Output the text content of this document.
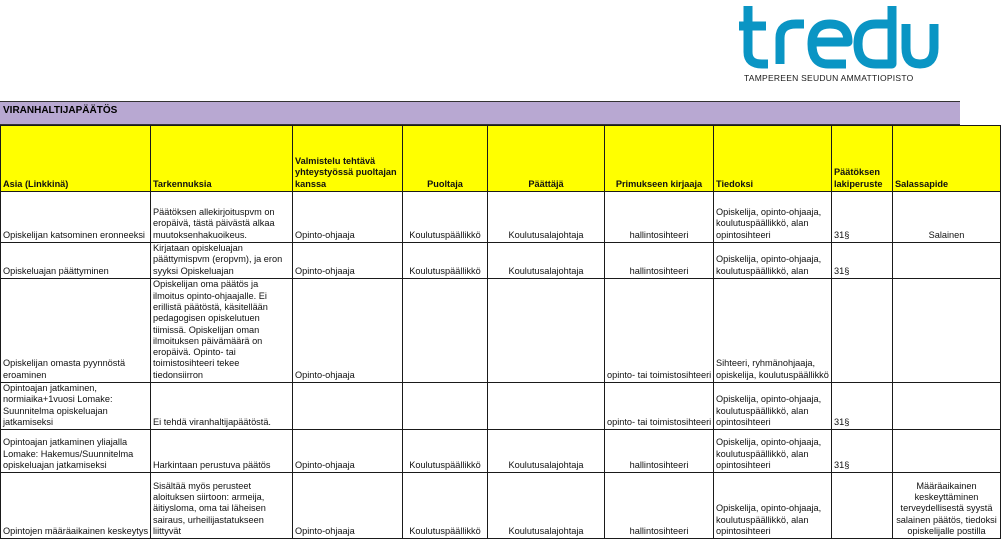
TAMPEREEN SEUDUN AMMATTIOPISTO
VIRANHALTIJAPÄÄTÖS
Asia (Linkkinä)	Tarkennuksia	Valmistelu tehtävä yhteystyössä puoltajan kanssa	Puoltaja	Päättäjä	Primukseen kirjaaja	Tiedoksi	Päätöksen lakiperuste	Salassapide

Opiskelijan katsominen eronneeksi	Päätöksen allekirjoituspvm on eropäivä, tästä päivästä alkaa muutoksenhakuoikeus.	Opinto-ohjaaja	Koulutuspäällikkö	Koulutusalajohtaja	hallintosihteeri	Opiskelija, opinto-ohjaaja, koulutuspäällikkö, alan opintosihteeri	31§	Salainen

Opiskeluajan päättyminen	Kirjataan opiskeluajan päättymispvm (eropvm), ja eron syyksi Opiskeluajan	Opinto-ohjaaja	Koulutuspäällikkö	Koulutusalajohtaja	hallintosihteeri	Opiskelija, opinto-ohjaaja, koulutuspäällikkö, alan	31§	

Opiskelijan omasta pyynnöstä eroaminen	Opiskelijan oma päätös ja ilmoitus opinto-ohjaajalle. Ei erillistä päätöstä, käsitellään pedagogisen opiskelutuen tiimissä. Opiskelijan oman ilmoituksen päivämäärä on eropäivä. Opinto- tai toimistosihteeri tekee tiedonsiirron	Opinto-ohjaaja			opinto- tai toimistosihteeri	Sihteeri, ryhmänohjaaja, opiskelija, koulutuspäällikkö		

Opintoajan jatkaminen, normiaika+1vuosi Lomake: Suunnitelma opiskeluajan jatkamiseksi	Ei tehdä viranhaltijapäätöstä.				opinto- tai toimistosihteeri	Opiskelija, opinto-ohjaaja, koulutuspäällikkö, alan opintosihteeri	31§	

Opintoajan jatkaminen yliajalla Lomake: Hakemus/Suunnitelma opiskeluajan jatkamiseksi	Harkintaan perustuva päätös	Opinto-ohjaaja	Koulutuspäällikkö	Koulutusalajohtaja	hallintosihteeri	Opiskelija, opinto-ohjaaja, koulutuspäällikkö, alan opintosihteeri	31§	

Opintojen määräaikainen keskeytys	Sisältää myös perusteet aloituksen siirtoon: armeija, äitiysloma, oma tai läheisen sairaus, urheilijastatukseen liittyvät	Opinto-ohjaaja	Koulutuspäällikkö	Koulutusalajohtaja	hallintosihteeri	Opiskelija, opinto-ohjaaja, koulutuspäällikkö, alan opintosihteeri		Määräaikainen keskeyttäminen terveydellisestä syystä salainen päätös, tiedoksi opiskelijalle postilla
